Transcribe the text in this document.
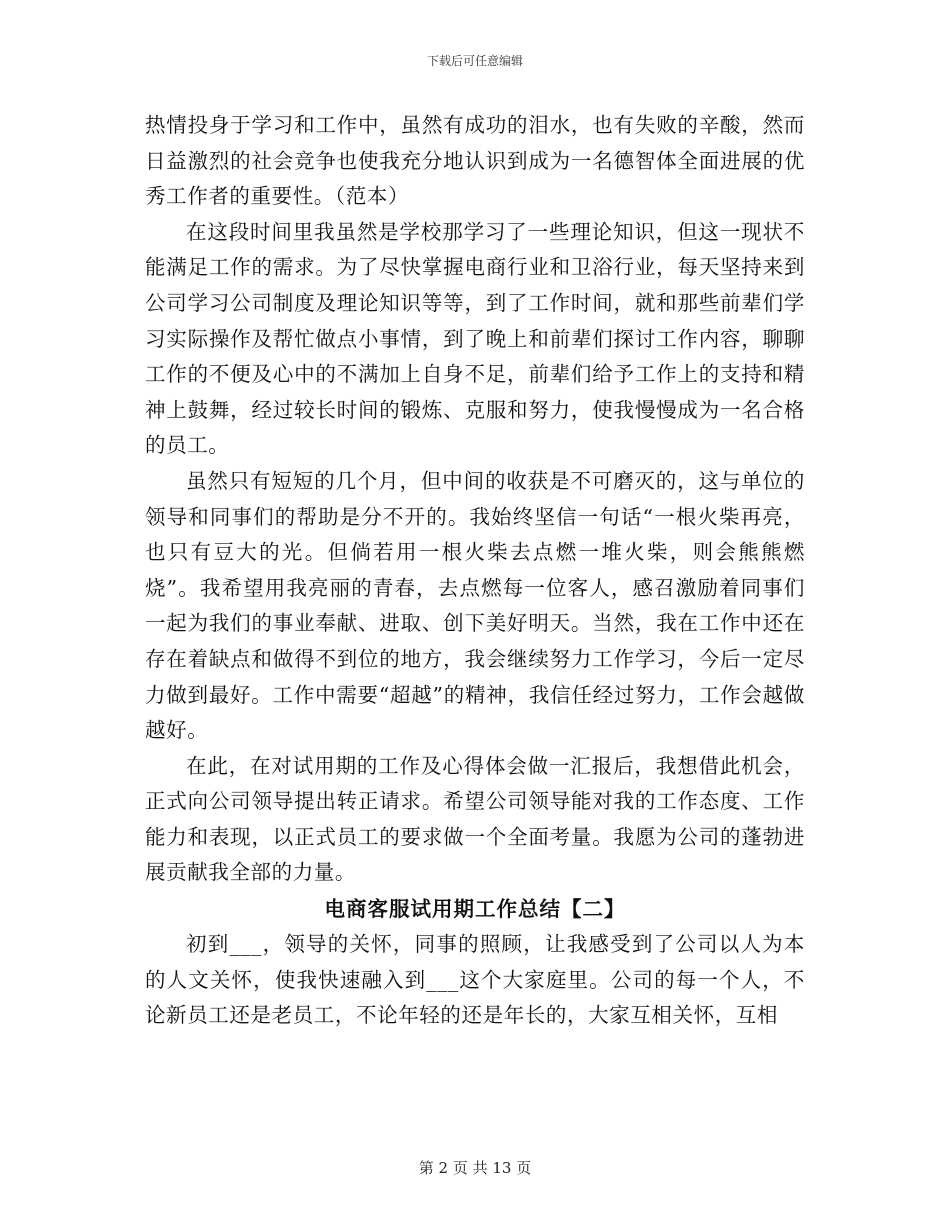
下载后可任意编辑

热情投身于学习和工作中，虽然有成功的泪水，也有失败的辛酸，然而日益激烈的社会竞争也使我充分地认识到成为一名德智体全面进展的优秀工作者的重要性。（范本）

在这段时间里我虽然是学校那学习了一些理论知识，但这一现状不能满足工作的需求。为了尽快掌握电商行业和卫浴行业，每天坚持来到公司学习公司制度及理论知识等等，到了工作时间，就和那些前辈们学习实际操作及帮忙做点小事情，到了晚上和前辈们探讨工作内容，聊聊工作的不便及心中的不满加上自身不足，前辈们给予工作上的支持和精神上鼓舞，经过较长时间的锻炼、克服和努力，使我慢慢成为一名合格的员工。

虽然只有短短的几个月，但中间的收获是不可磨灭的，这与单位的领导和同事们的帮助是分不开的。我始终坚信一句话“一根火柴再亮，也只有豆大的光。但倘若用一根火柴去点燃一堆火柴，则会熊熊燃烧”。我希望用我亮丽的青春，去点燃每一位客人，感召激励着同事们一起为我们的事业奉献、进取、创下美好明天。当然，我在工作中还在存在着缺点和做得不到位的地方，我会继续努力工作学习，今后一定尽力做到最好。工作中需要“超越”的精神，我信任经过努力，工作会越做越好。

在此，在对试用期的工作及心得体会做一汇报后，我想借此机会，正式向公司领导提出转正请求。希望公司领导能对我的工作态度、工作能力和表现，以正式员工的要求做一个全面考量。我愿为公司的蓬勃进展贡献我全部的力量。

电商客服试用期工作总结【二】

初到___，领导的关怀，同事的照顾，让我感受到了公司以人为本的人文关怀，使我快速融入到___这个大家庭里。公司的每一个人，不论新员工还是老员工，不论年轻的还是年长的，大家互相关怀，互相

第 2 页 共 13 页
